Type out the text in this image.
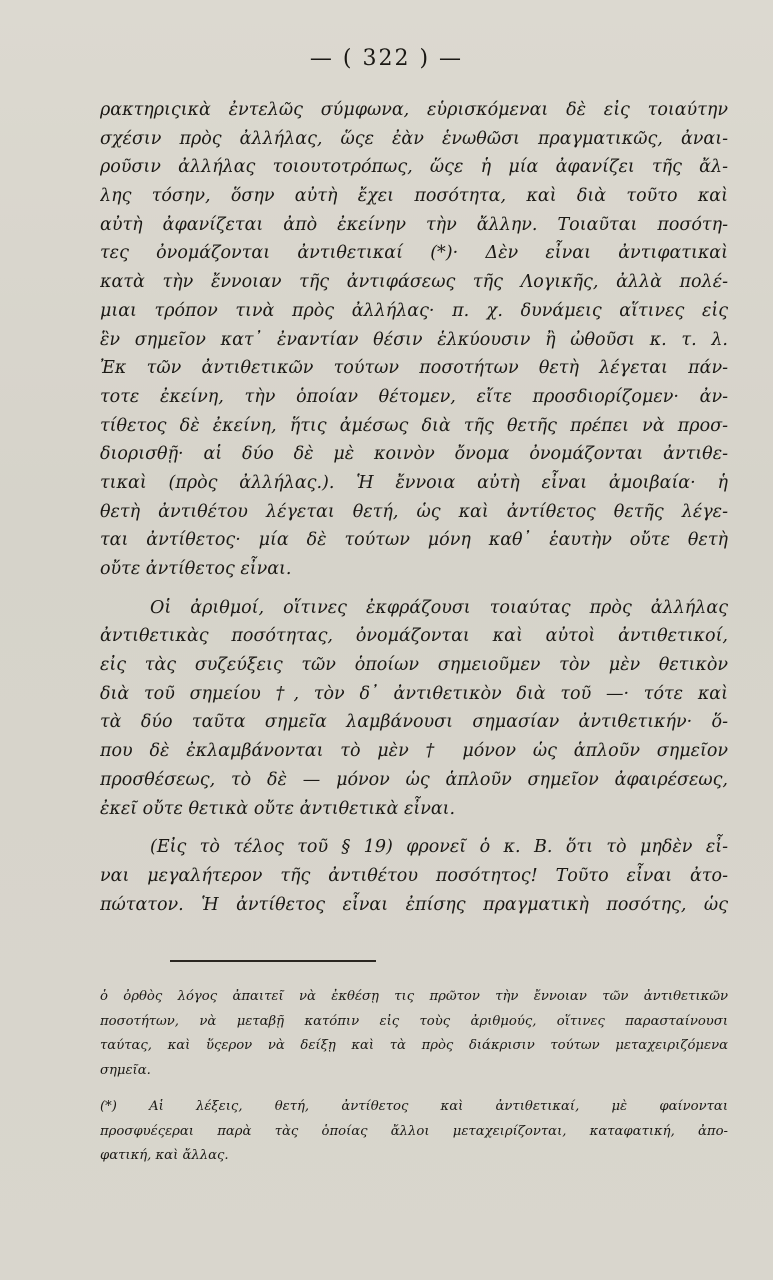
— ( 322 ) —
ρακτηριςικὰ ἐντελῶς σύμφωνα, εὑρισκόμεναι δὲ εἰς τοιαύτην
σχέσιν πρὸς ἀλλήλας, ὥςε ἐὰν ἑνωθῶσι πραγματικῶς, ἀναι-
ροῦσιν ἀλλήλας τοιουτοτρόπως, ὥςε ἡ μία ἀφανίζει τῆς ἄλ-
λης τόσην, ὅσην αὐτὴ ἔχει ποσότητα, καὶ διὰ τοῦτο καὶ
αὐτὴ ἀφανίζεται ἀπὸ ἐκείνην τὴν ἄλλην. Τοιαῦται ποσότη-
τες ὀνομάζονται ἀντιθετικαί (*)· Δὲν εἶναι ἀντιφατικαὶ
κατὰ τὴν ἔννοιαν τῆς ἀντιφάσεως τῆς Λογικῆς, ἀλλὰ πολέ-
μιαι τρόπον τινὰ πρὸς ἀλλήλας· π. χ. δυνάμεις αἵτινες εἰς
ἓν σημεῖον κατ᾽ ἐναντίαν θέσιν ἑλκύουσιν ἢ ὠθοῦσι κ. τ. λ.
Ἐκ τῶν ἀντιθετικῶν τούτων ποσοτήτων θετὴ λέγεται πάν-
τοτε ἐκείνη, τὴν ὁποίαν θέτομεν, εἴτε προσδιορίζομεν· ἀν-
τίθετος δὲ ἐκείνη, ἥτις ἀμέσως διὰ τῆς θετῆς πρέπει νὰ προσ-
διορισθῇ· αἱ δύο δὲ μὲ κοινὸν ὄνομα ὀνομάζονται ἀντιθε-
τικαὶ (πρὸς ἀλλήλας.). Ἡ ἔννοια αὐτὴ εἶναι ἀμοιβαία· ἡ
θετὴ ἀντιθέτου λέγεται θετή, ὡς καὶ ἀντίθετος θετῆς λέγε-
ται ἀντίθετος· μία δὲ τούτων μόνη καθ᾽ ἑαυτὴν οὔτε θετὴ
οὔτε ἀντίθετος εἶναι.
Οἱ ἀριθμοί, οἵτινες ἐκφράζουσι τοιαύτας πρὸς ἀλλήλας
ἀντιθετικὰς ποσότητας, ὀνομάζονται καὶ αὐτοὶ ἀντιθετικοί,
εἰς τὰς συζεύξεις τῶν ὁποίων σημειοῦμεν τὸν μὲν θετικὸν
διὰ τοῦ σημείου †, τὸν δ᾽ ἀντιθετικὸν διὰ τοῦ —· τότε καὶ
τὰ δύο ταῦτα σημεῖα λαμβάνουσι σημασίαν ἀντιθετικήν· ὅ-
που δὲ ἐκλαμβάνονται τὸ μὲν † μόνον ὡς ἁπλοῦν σημεῖον
προσθέσεως, τὸ δὲ — μόνον ὡς ἁπλοῦν σημεῖον ἀφαιρέσεως,
ἐκεῖ οὔτε θετικὰ οὔτε ἀντιθετικὰ εἶναι.
(Εἰς τὸ τέλος τοῦ § 19) φρονεῖ ὁ κ. Β. ὅτι τὸ μηδὲν εἶ-
ναι μεγαλήτερον τῆς ἀντιθέτου ποσότητος! Τοῦτο εἶναι ἀτο-
πώτατον. Ἡ ἀντίθετος εἶναι ἐπίσης πραγματικὴ ποσότης, ὡς
ὁ ὀρθὸς λόγος ἀπαιτεῖ νὰ ἐκθέσῃ τις πρῶτον τὴν ἔννοιαν τῶν ἀντιθετικῶν
ποσοτήτων, νὰ μεταβῇ κατόπιν εἰς τοὺς ἀριθμούς, οἵτινες παρασταίνουσι
ταύτας, καὶ ὕςερον νὰ δείξῃ καὶ τὰ πρὸς διάκρισιν τούτων μεταχειριζόμενα
σημεῖα.
(*) Αἱ λέξεις, θετή, ἀντίθετος καὶ ἀντιθετικαί, μὲ φαίνονται
προσφυέςεραι παρὰ τὰς ὁποίας ἄλλοι μεταχειρίζονται, καταφατική, ἀπο-
φατική, καὶ ἄλλας.
